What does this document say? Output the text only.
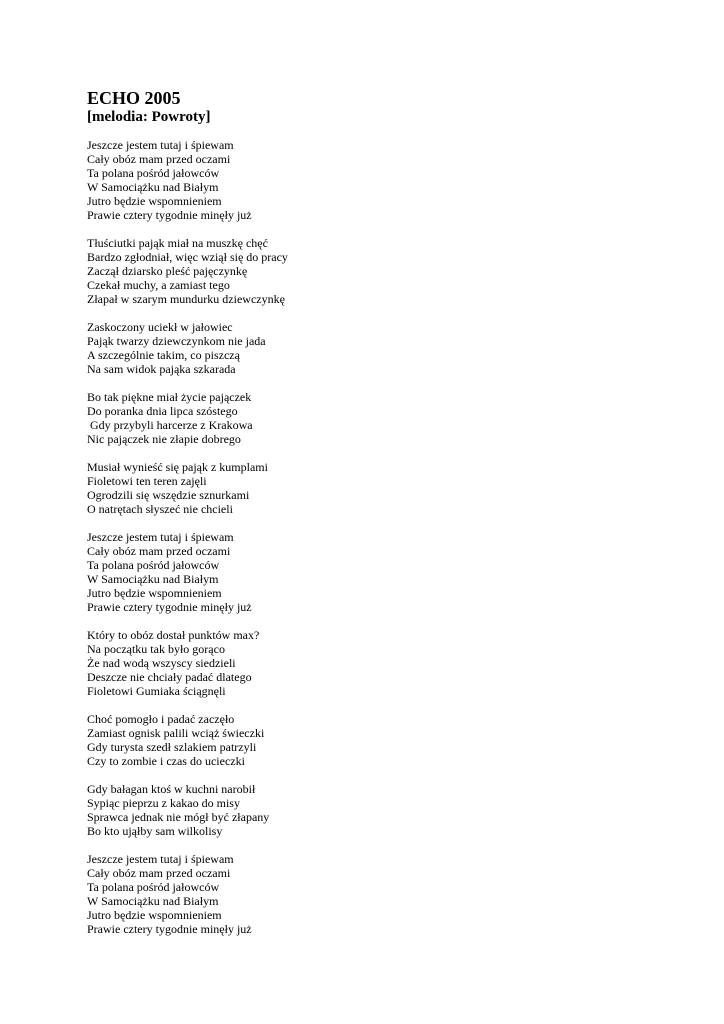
ECHO 2005
[melodia: Powroty]
Jeszcze jestem tutaj i śpiewam
Cały obóz mam przed oczami
Ta polana pośród jałowców
W Samociążku nad Białym
Jutro będzie wspomnieniem
Prawie cztery tygodnie minęły już
Tłuściutki pająk miał na muszkę chęć
Bardzo zgłodniał, więc wziął się do pracy
Zaczął dziarsko pleść pajęczynkę
Czekał muchy, a zamiast tego
Złapał w szarym mundurku dziewczynkę
Zaskoczony uciekł w jałowiec
Pająk twarzy dziewczynkom nie jada
A szczególnie takim, co piszczą
Na sam widok pająka szkarada
Bo tak piękne miał życie pajączek
Do poranka dnia lipca szóstego
Gdy przybyli harcerze z Krakowa
Nic pajączek nie złapie dobrego
Musiał wynieść się pająk z kumplami
Fioletowi ten teren zajęli
Ogrodzili się wszędzie sznurkami
O natrętach słyszeć nie chcieli
Jeszcze jestem tutaj i śpiewam
Cały obóz mam przed oczami
Ta polana pośród jałowców
W Samociążku nad Białym
Jutro będzie wspomnieniem
Prawie cztery tygodnie minęły już
Który to obóz dostał punktów max?
Na początku tak było gorąco
Że nad wodą wszyscy siedzieli
Deszcze nie chciały padać dlatego
Fioletowi Gumiaka ściągnęli
Choć pomogło i padać zaczęło
Zamiast ognisk palili wciąż świeczki
Gdy turysta szedł szlakiem patrzyli
Czy to zombie i czas do ucieczki
Gdy bałagan ktoś w kuchni narobił
Sypiąc pieprzu z kakao do misy
Sprawca jednak nie mógł być złapany
Bo kto ująłby sam wilkolisy
Jeszcze jestem tutaj i śpiewam
Cały obóz mam przed oczami
Ta polana pośród jałowców
W Samociążku nad Białym
Jutro będzie wspomnieniem
Prawie cztery tygodnie minęły już
